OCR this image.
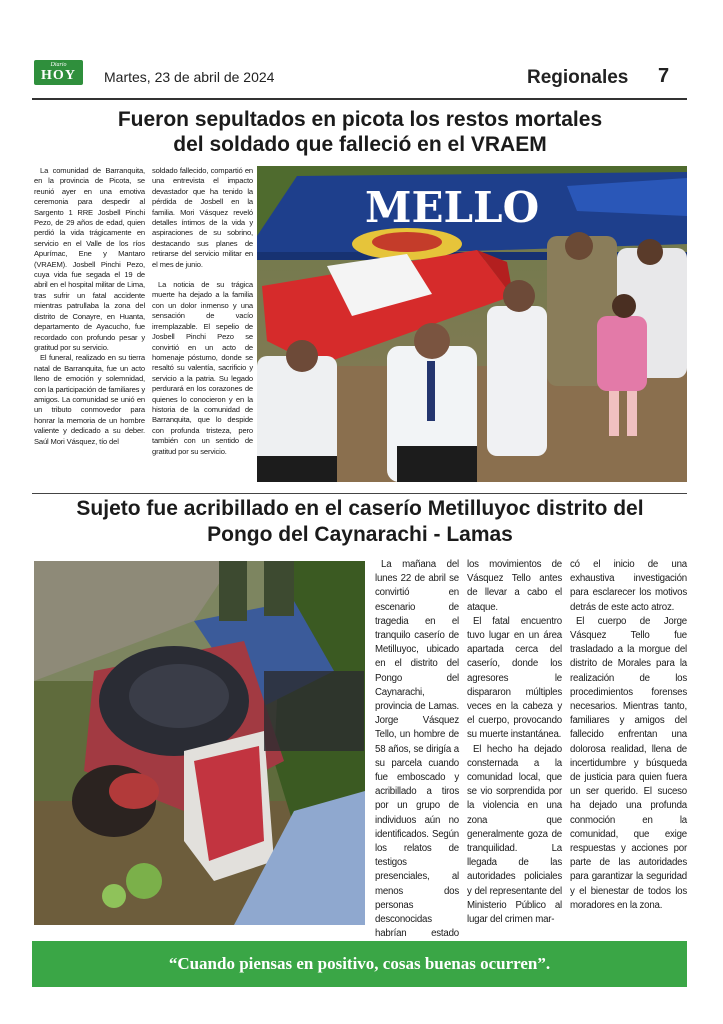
Diario
HOY	Martes, 23 de abril de 2024	Regionales 7
Fueron sepultados en picota los restos mortales
del soldado que falleció en el VRAEM

La comunidad de Barranquita, en la provincia de Picota, se reunió ayer en una emotiva ceremonia para despedir al Sargento 1 RRE Josbell Pinchi Pezo, de 29 años de edad, quien perdió la vida trágicamente en servicio en el Valle de los ríos Apurímac, Ene y Mantaro (VRAEM). Josbell Pinchi Pezo, cuya vida fue segada el 19 de abril en el hospital militar de Lima, tras sufrir un fatal accidente mientras patrullaba la zona del distrito de Conayre, en Huanta, departamento de Ayacucho, fue recordado con profundo pesar y gratitud por su servicio.

El funeral, realizado en su tierra natal de Barranquita, fue un acto lleno de emoción y solemnidad, con la participación de familiares y amigos. La comunidad se unió en un tributo conmovedor para honrar la memoria de un hombre valiente y dedicado a su deber. Saúl Mori Vásquez, tío del

soldado fallecido, compartió en una entrevista el impacto devastador que ha tenido la pérdida de Josbell en la familia. Mori Vásquez reveló detalles íntimos de la vida y aspiraciones de su sobrino, destacando sus planes de retirarse del servicio militar en el mes de junio.

La noticia de su trágica muerte ha dejado a la familia con un dolor inmenso y una sensación de vacío irremplazable. El sepelio de Josbell Pinchi Pezo se convirtió en un acto de homenaje póstumo, donde se resaltó su valentía, sacrificio y servicio a la patria. Su legado perdurará en los corazones de quienes lo conocieron y en la historia de la comunidad de Barranquita, que lo despide con profunda tristeza, pero también con un sentido de gratitud por su servicio.

MELLO
Sujeto fue acribillado en el caserío Metilluyoc distrito del
Pongo del Caynarachi - Lamas

La mañana del lunes 22 de abril se convirtió en escenario de tragedia en el tranquilo caserío de Metilluyoc, ubicado en el distrito del Pongo del Caynarachi, provincia de Lamas. Jorge Vásquez Tello, un hombre de 58 años, se dirigía a su parcela cuando fue emboscado y acribillado a tiros por un grupo de individuos aún no identificados. Según los relatos de testigos presenciales, al menos dos personas desconocidas habrían estado

los movimientos de Vásquez Tello antes de llevar a cabo el ataque.

El fatal encuentro tuvo lugar en un área apartada cerca del caserío, donde los agresores le dispararon múltiples veces en la cabeza y el cuerpo, provocando su muerte instantánea.

El hecho ha dejado consternada a la comunidad local, que se vio sorprendida por la violencia en una zona que generalmente goza de tranquilidad. La llegada de las autoridades policiales y del representante del Ministerio Público al lugar del crimen mar-

có el inicio de una exhaustiva investigación para esclarecer los motivos detrás de este acto atroz.

El cuerpo de Jorge Vásquez Tello fue trasladado a la morgue del distrito de Morales para la realización de los procedimientos forenses necesarios. Mientras tanto, familiares y amigos del fallecido enfrentan una dolorosa realidad, llena de incertidumbre y búsqueda de justicia para quien fuera un ser querido. El suceso ha dejado una profunda conmoción en la comunidad, que exige respuestas y acciones por parte de las autoridades para garantizar la seguridad y el bienestar de todos los moradores en la zona.

“Cuando piensas en positivo, cosas buenas ocurren”.
